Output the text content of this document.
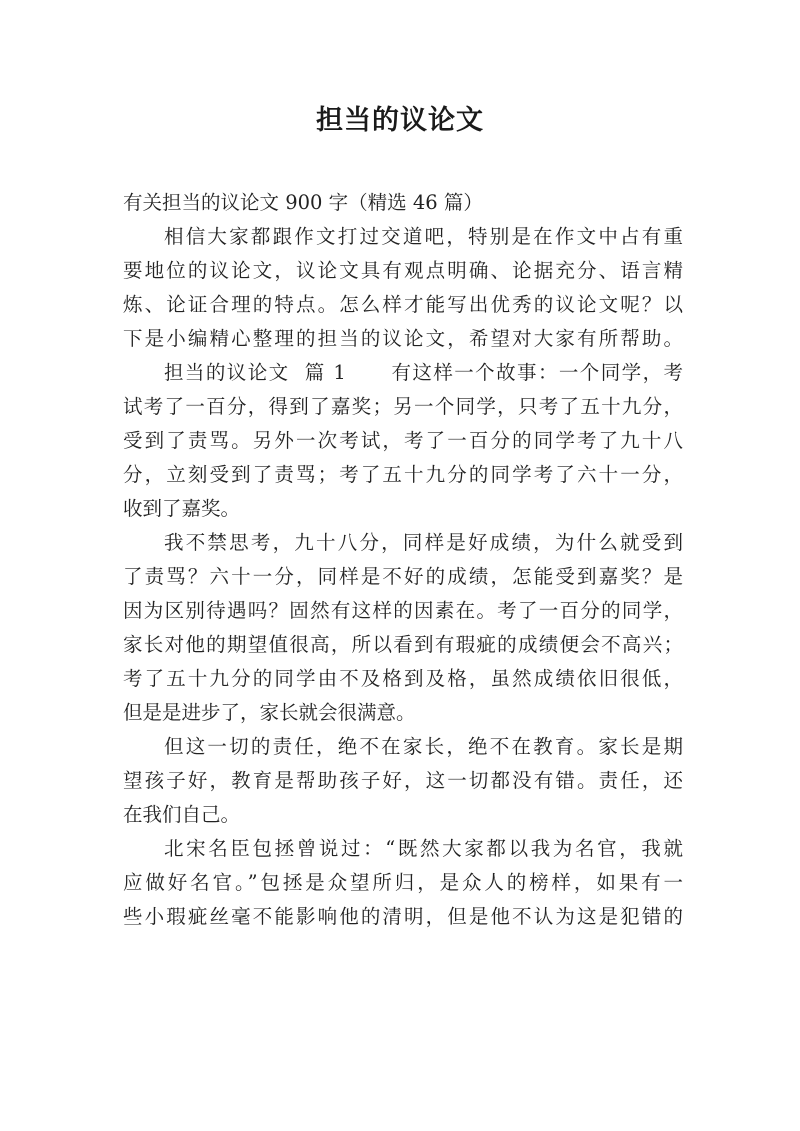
担当的议论文
有关担当的议论文 900 字（精选 46 篇）
相信大家都跟作文打过交道吧，特别是在作文中占有重
要地位的议论文，议论文具有观点明确、论据充分、语言精
炼、论证合理的特点。怎么样才能写出优秀的议论文呢？以
下是小编精心整理的担当的议论文，希望对大家有所帮助。
担当的议论文  篇 1      有这样一个故事：一个同学，考
试考了一百分，得到了嘉奖；另一个同学，只考了五十九分，
受到了责骂。另外一次考试，考了一百分的同学考了九十八
分，立刻受到了责骂；考了五十九分的同学考了六十一分，
收到了嘉奖。
我不禁思考，九十八分，同样是好成绩，为什么就受到
了责骂？六十一分，同样是不好的成绩，怎能受到嘉奖？是
因为区别待遇吗？固然有这样的因素在。考了一百分的同学，
家长对他的期望值很高，所以看到有瑕疵的成绩便会不高兴；
考了五十九分的同学由不及格到及格，虽然成绩依旧很低，
但是是进步了，家长就会很满意。
但这一切的责任，绝不在家长，绝不在教育。家长是期
望孩子好，教育是帮助孩子好，这一切都没有错。责任，还
在我们自己。
北宋名臣包拯曾说过：“既然大家都以我为名官，我就
应做好名官。”包拯是众望所归，是众人的榜样，如果有一
些小瑕疵丝毫不能影响他的清明，但是他不认为这是犯错的
